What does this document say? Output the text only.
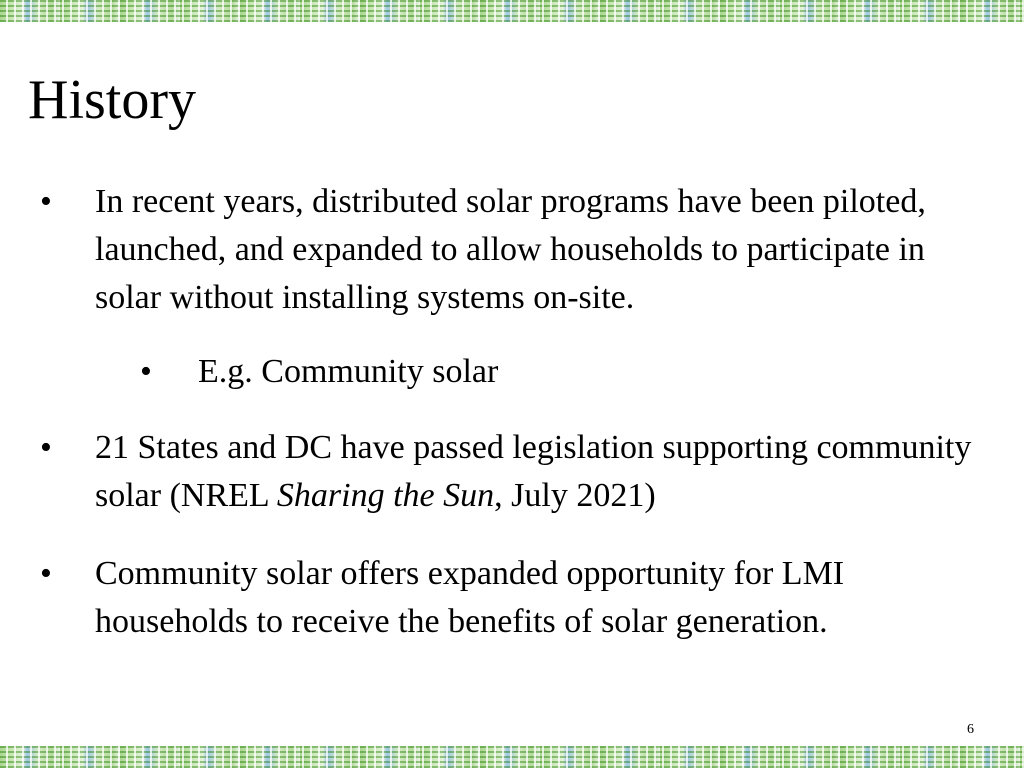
History
• In recent years, distributed solar programs have been piloted, launched, and expanded to allow households to participate in solar without installing systems on-site.
• E.g. Community solar
• 21 States and DC have passed legislation supporting community solar (NREL Sharing the Sun, July 2021)
• Community solar offers expanded opportunity for LMI households to receive the benefits of solar generation.
6
